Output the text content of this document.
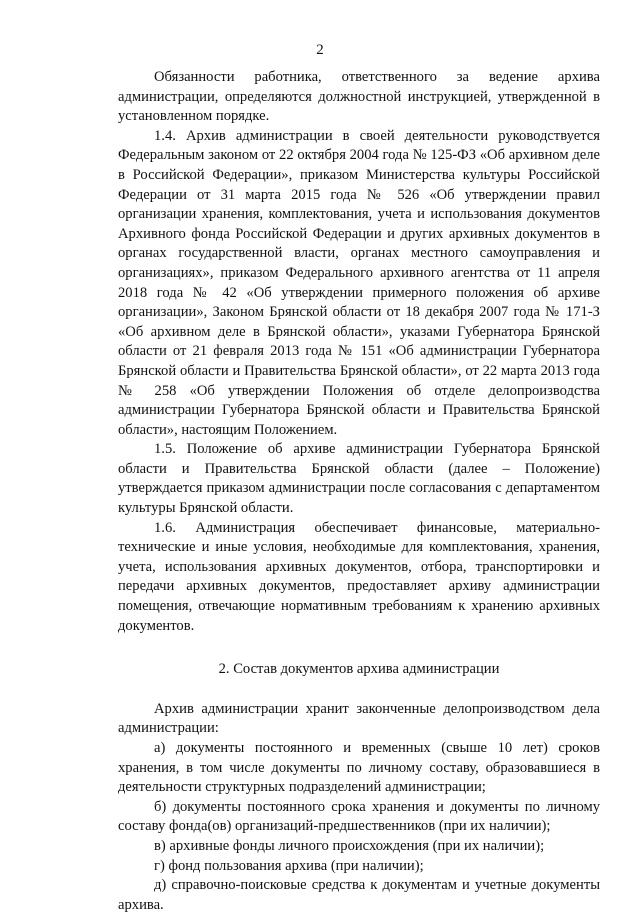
2

Обязанности работника, ответственного за ведение архива администрации, определяются должностной инструкцией, утвержденной в установленном порядке.

1.4. Архив администрации в своей деятельности руководствуется Федеральным законом от 22 октября 2004 года № 125-ФЗ «Об архивном деле в Российской Федерации», приказом Министерства культуры Российской Федерации от 31 марта 2015 года № 526 «Об утверждении правил организации хранения, комплектования, учета и использования документов Архивного фонда Российской Федерации и других архивных документов в органах государственной власти, органах местного самоуправления и организациях», приказом Федерального архивного агентства от 11 апреля 2018 года № 42 «Об утверждении примерного положения об архиве организации», Законом Брянской области от 18 декабря 2007 года № 171-З «Об архивном деле в Брянской области», указами Губернатора Брянской области от 21 февраля 2013 года № 151 «Об администрации Губернатора Брянской области и Правительства Брянской области», от 22 марта 2013 года № 258 «Об утверждении Положения об отделе делопроизводства администрации Губернатора Брянской области и Правительства Брянской области», настоящим Положением.

1.5. Положение об архиве администрации Губернатора Брянской области и Правительства Брянской области (далее – Положение) утверждается приказом администрации после согласования с департаментом культуры Брянской области.

1.6. Администрация обеспечивает финансовые, материально-технические и иные условия, необходимые для комплектования, хранения, учета, использования архивных документов, отбора, транспортировки и передачи архивных документов, предоставляет архиву администрации помещения, отвечающие нормативным требованиям к хранению архивных документов.

2. Состав документов архива администрации

Архив администрации хранит законченные делопроизводством дела администрации:

а) документы постоянного и временных (свыше 10 лет) сроков хранения, в том числе документы по личному составу, образовавшиеся в деятельности структурных подразделений администрации;

б) документы постоянного срока хранения и документы по личному составу фонда(ов) организаций-предшественников (при их наличии);

в) архивные фонды личного происхождения (при их наличии);

г) фонд пользования архива (при наличии);

д) справочно-поисковые средства к документам и учетные документы архива.
